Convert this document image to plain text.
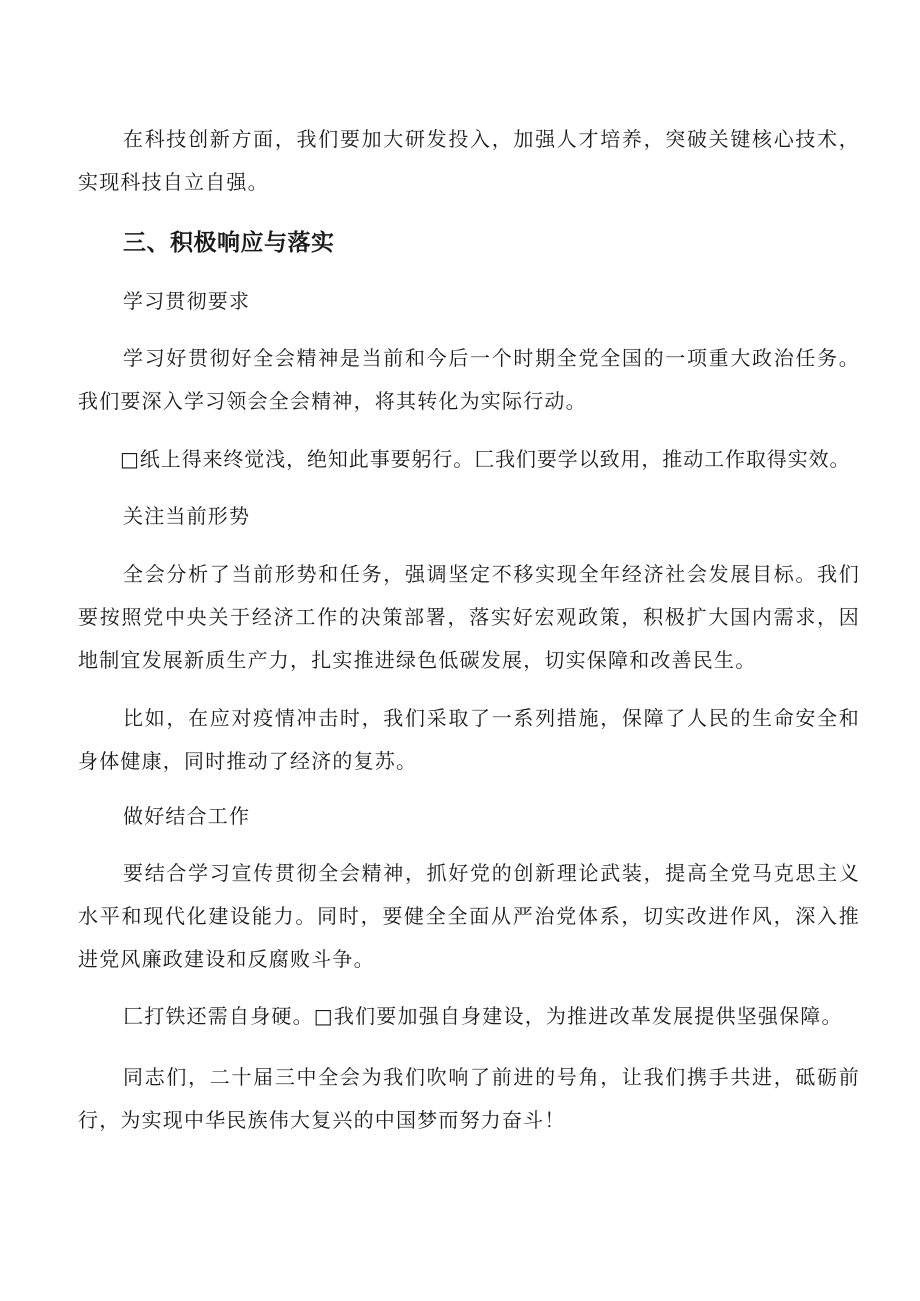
在科技创新方面，我们要加大研发投入，加强人才培养，突破关键核心技术，实现科技自立自强。

三、积极响应与落实

学习贯彻要求

学习好贯彻好全会精神是当前和今后一个时期全党全国的一项重大政治任务。我们要深入学习领会全会精神，将其转化为实际行动。

□纸上得来终觉浅，绝知此事要躬行。匚我们要学以致用，推动工作取得实效。

关注当前形势

全会分析了当前形势和任务，强调坚定不移实现全年经济社会发展目标。我们要按照党中央关于经济工作的决策部署，落实好宏观政策，积极扩大国内需求，因地制宜发展新质生产力，扎实推进绿色低碳发展，切实保障和改善民生。

比如，在应对疫情冲击时，我们采取了一系列措施，保障了人民的生命安全和身体健康，同时推动了经济的复苏。

做好结合工作

要结合学习宣传贯彻全会精神，抓好党的创新理论武装，提高全党马克思主义水平和现代化建设能力。同时，要健全全面从严治党体系，切实改进作风，深入推进党风廉政建设和反腐败斗争。

匚打铁还需自身硬。□我们要加强自身建设，为推进改革发展提供坚强保障。

同志们，二十届三中全会为我们吹响了前进的号角，让我们携手共进，砥砺前行，为实现中华民族伟大复兴的中国梦而努力奋斗！
